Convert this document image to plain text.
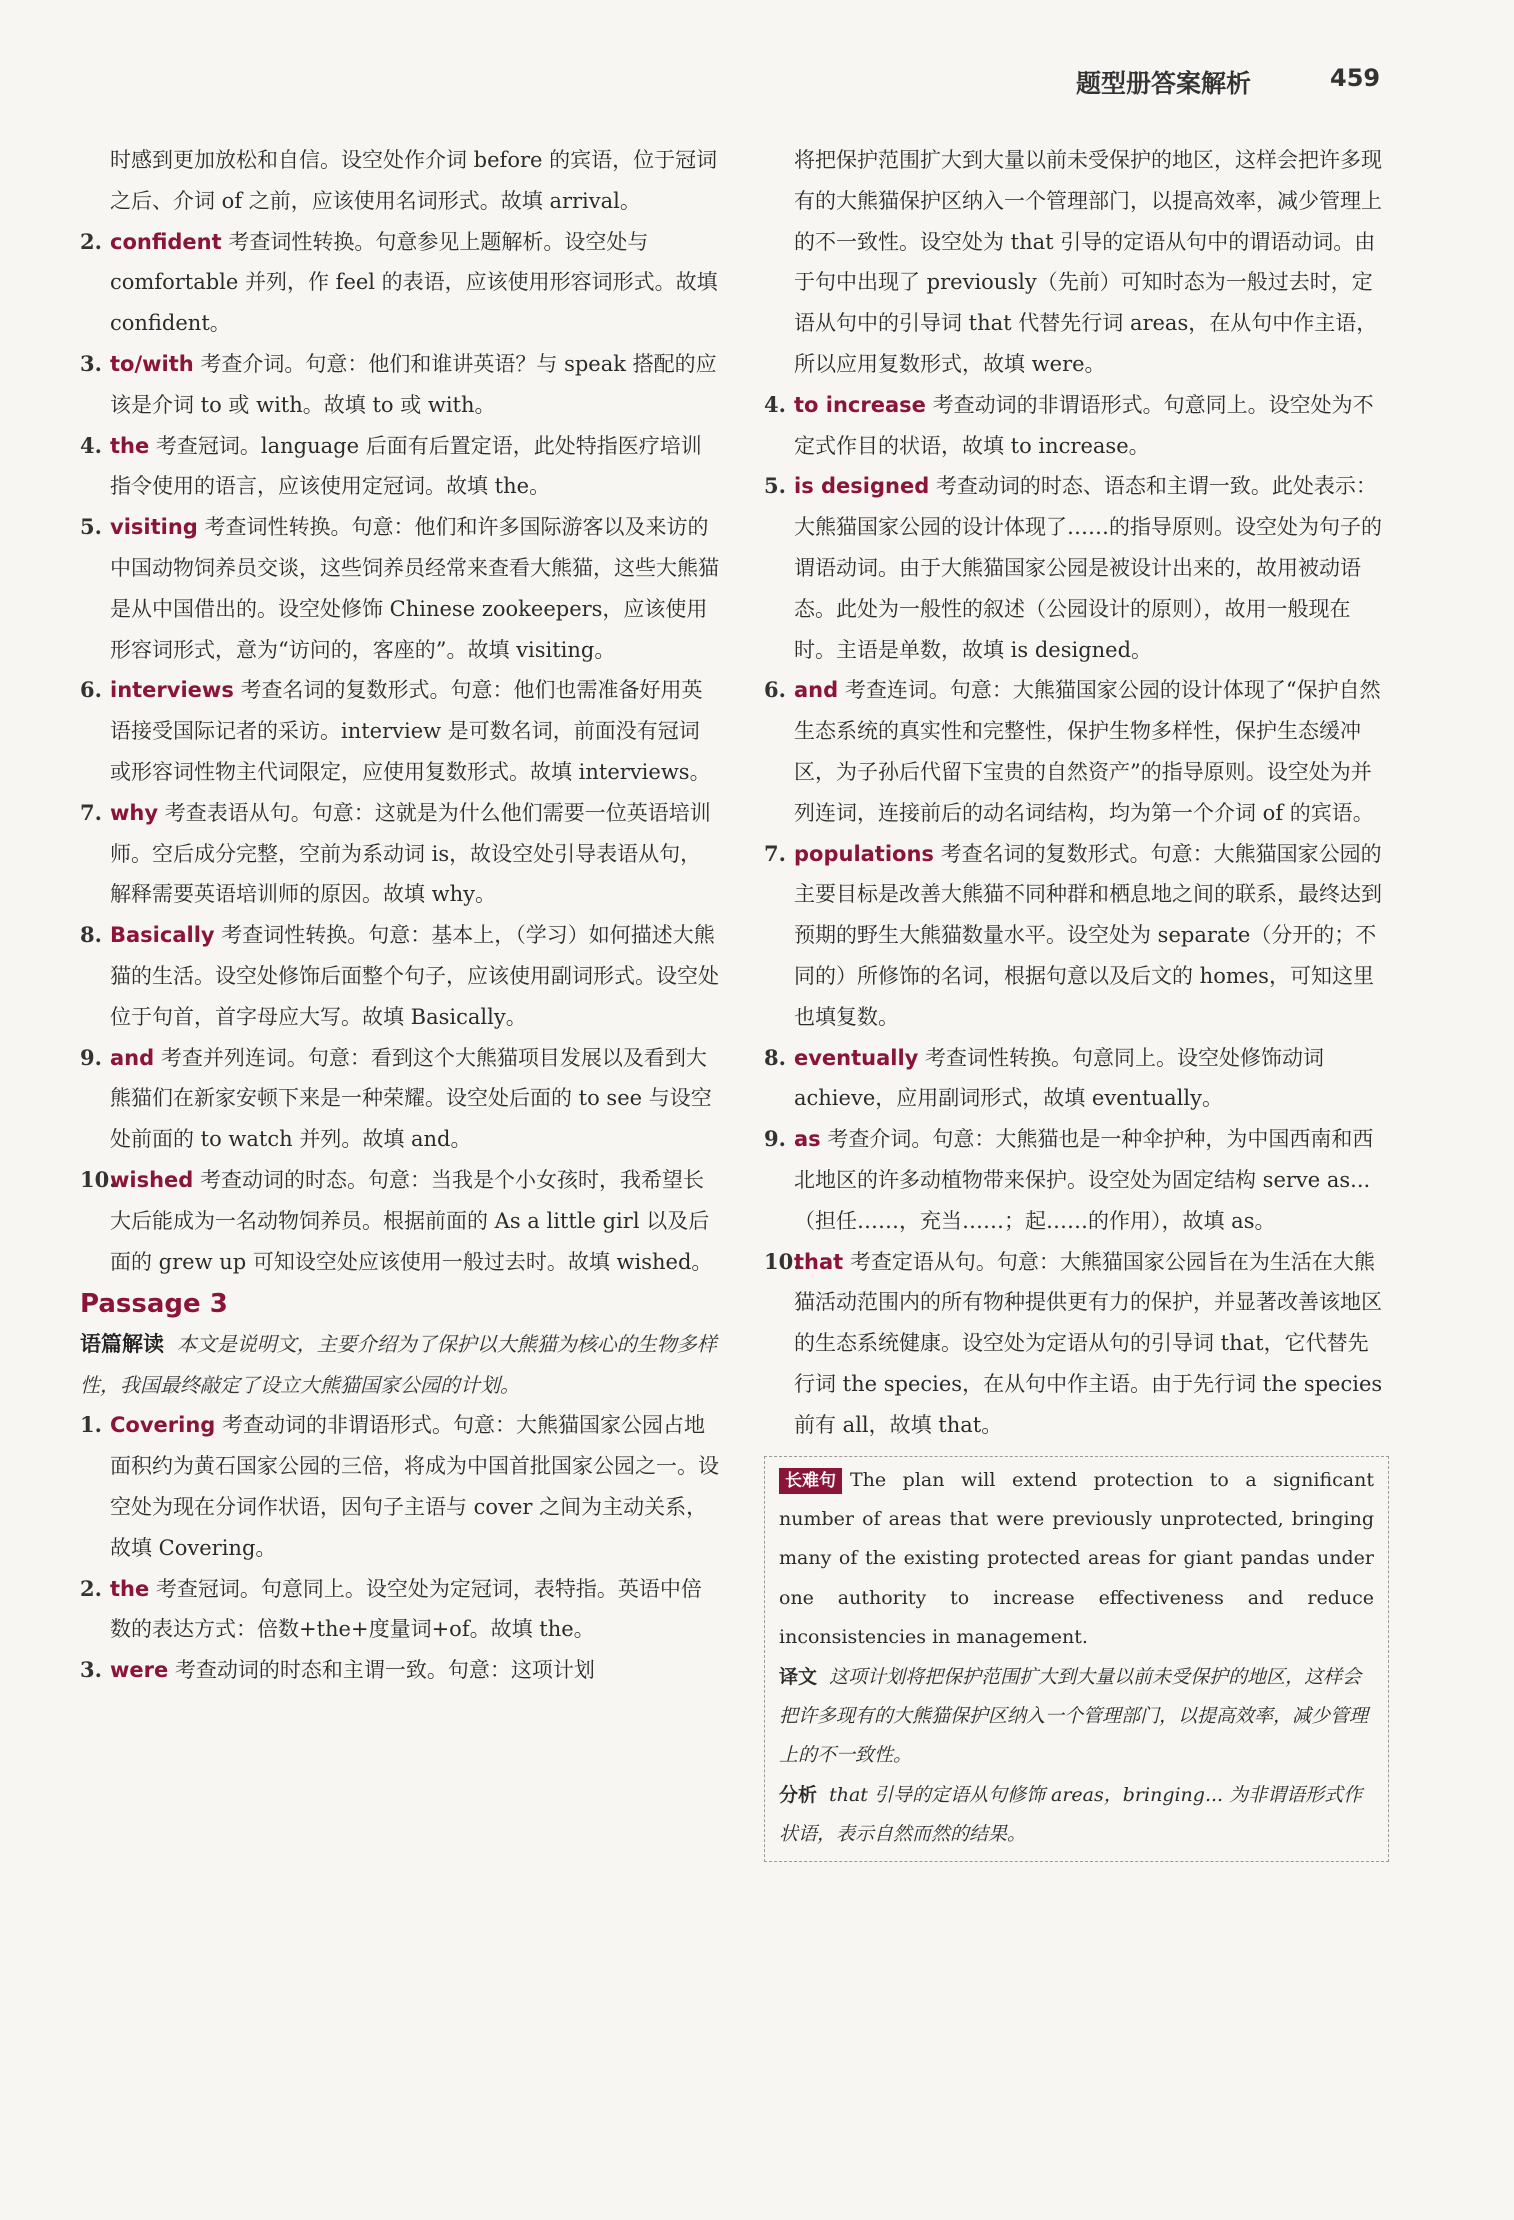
题型册答案解析	459

时感到更加放松和自信。设空处作介词 before 的宾语，位于冠词之后、介词 of 之前，应该使用名词形式。故填 arrival。

2. confident 考查词性转换。句意参见上题解析。设空处与 comfortable 并列，作 feel 的表语，应该使用形容词形式。故填 confident。

3. to/with 考查介词。句意：他们和谁讲英语？与 speak 搭配的应该是介词 to 或 with。故填 to 或 with。

4. the 考查冠词。language 后面有后置定语，此处特指医疗培训指令使用的语言，应该使用定冠词。故填 the。

5. visiting 考查词性转换。句意：他们和许多国际游客以及来访的中国动物饲养员交谈，这些饲养员经常来查看大熊猫，这些大熊猫是从中国借出的。设空处修饰 Chinese zookeepers，应该使用形容词形式，意为“访问的，客座的”。故填 visiting。

6. interviews 考查名词的复数形式。句意：他们也需准备好用英语接受国际记者的采访。interview 是可数名词，前面没有冠词或形容词性物主代词限定，应使用复数形式。故填 interviews。

7. why 考查表语从句。句意：这就是为什么他们需要一位英语培训师。空后成分完整，空前为系动词 is，故设空处引导表语从句，解释需要英语培训师的原因。故填 why。

8. Basically 考查词性转换。句意：基本上，（学习）如何描述大熊猫的生活。设空处修饰后面整个句子，应该使用副词形式。设空处位于句首，首字母应大写。故填 Basically。

9. and 考查并列连词。句意：看到这个大熊猫项目发展以及看到大熊猫们在新家安顿下来是一种荣耀。设空处后面的 to see 与设空处前面的 to watch 并列。故填 and。

10.wished 考查动词的时态。句意：当我是个小女孩时，我希望长大后能成为一名动物饲养员。根据前面的 As a little girl 以及后面的 grew up 可知设空处应该使用一般过去时。故填 wished。

Passage 3

语篇解读 本文是说明文，主要介绍为了保护以大熊猫为核心的生物多样性，我国最终敲定了设立大熊猫国家公园的计划。

1. Covering 考查动词的非谓语形式。句意：大熊猫国家公园占地面积约为黄石国家公园的三倍，将成为中国首批国家公园之一。设空处为现在分词作状语，因句子主语与 cover 之间为主动关系，故填 Covering。

2. the 考查冠词。句意同上。设空处为定冠词，表特指。英语中倍数的表达方式：倍数+the+度量词+of。故填 the。

3. were 考查动词的时态和主谓一致。句意：这项计划

将把保护范围扩大到大量以前未受保护的地区，这样会把许多现有的大熊猫保护区纳入一个管理部门，以提高效率，减少管理上的不一致性。设空处为 that 引导的定语从句中的谓语动词。由于句中出现了 previously（先前）可知时态为一般过去时，定语从句中的引导词 that 代替先行词 areas，在从句中作主语，所以应用复数形式，故填 were。

4. to increase 考查动词的非谓语形式。句意同上。设空处为不定式作目的状语，故填 to increase。

5. is designed 考查动词的时态、语态和主谓一致。此处表示：大熊猫国家公园的设计体现了……的指导原则。设空处为句子的谓语动词。由于大熊猫国家公园是被设计出来的，故用被动语态。此处为一般性的叙述（公园设计的原则），故用一般现在时。主语是单数，故填 is designed。

6. and 考查连词。句意：大熊猫国家公园的设计体现了“保护自然生态系统的真实性和完整性，保护生物多样性，保护生态缓冲区，为子孙后代留下宝贵的自然资产”的指导原则。设空处为并列连词，连接前后的动名词结构，均为第一个介词 of 的宾语。

7. populations 考查名词的复数形式。句意：大熊猫国家公园的主要目标是改善大熊猫不同种群和栖息地之间的联系，最终达到预期的野生大熊猫数量水平。设空处为 separate（分开的；不同的）所修饰的名词，根据句意以及后文的 homes，可知这里也填复数。

8. eventually 考查词性转换。句意同上。设空处修饰动词 achieve，应用副词形式，故填 eventually。

9. as 考查介词。句意：大熊猫也是一种伞护种，为中国西南和西北地区的许多动植物带来保护。设空处为固定结构 serve as...（担任……，充当……；起……的作用），故填 as。

10.that 考查定语从句。句意：大熊猫国家公园旨在为生活在大熊猫活动范围内的所有物种提供更有力的保护，并显著改善该地区的生态系统健康。设空处为定语从句的引导词 that，它代替先行词 the species，在从句中作主语。由于先行词 the species 前有 all，故填 that。

长难句 The plan will extend protection to a significant number of areas that were previously unprotected, bringing many of the existing protected areas for giant pandas under one authority to increase effectiveness and reduce inconsistencies in management.

译文 这项计划将把保护范围扩大到大量以前未受保护的地区，这样会把许多现有的大熊猫保护区纳入一个管理部门，以提高效率，减少管理上的不一致性。

分析 that 引导的定语从句修饰 areas，bringing... 为非谓语形式作状语，表示自然而然的结果。
